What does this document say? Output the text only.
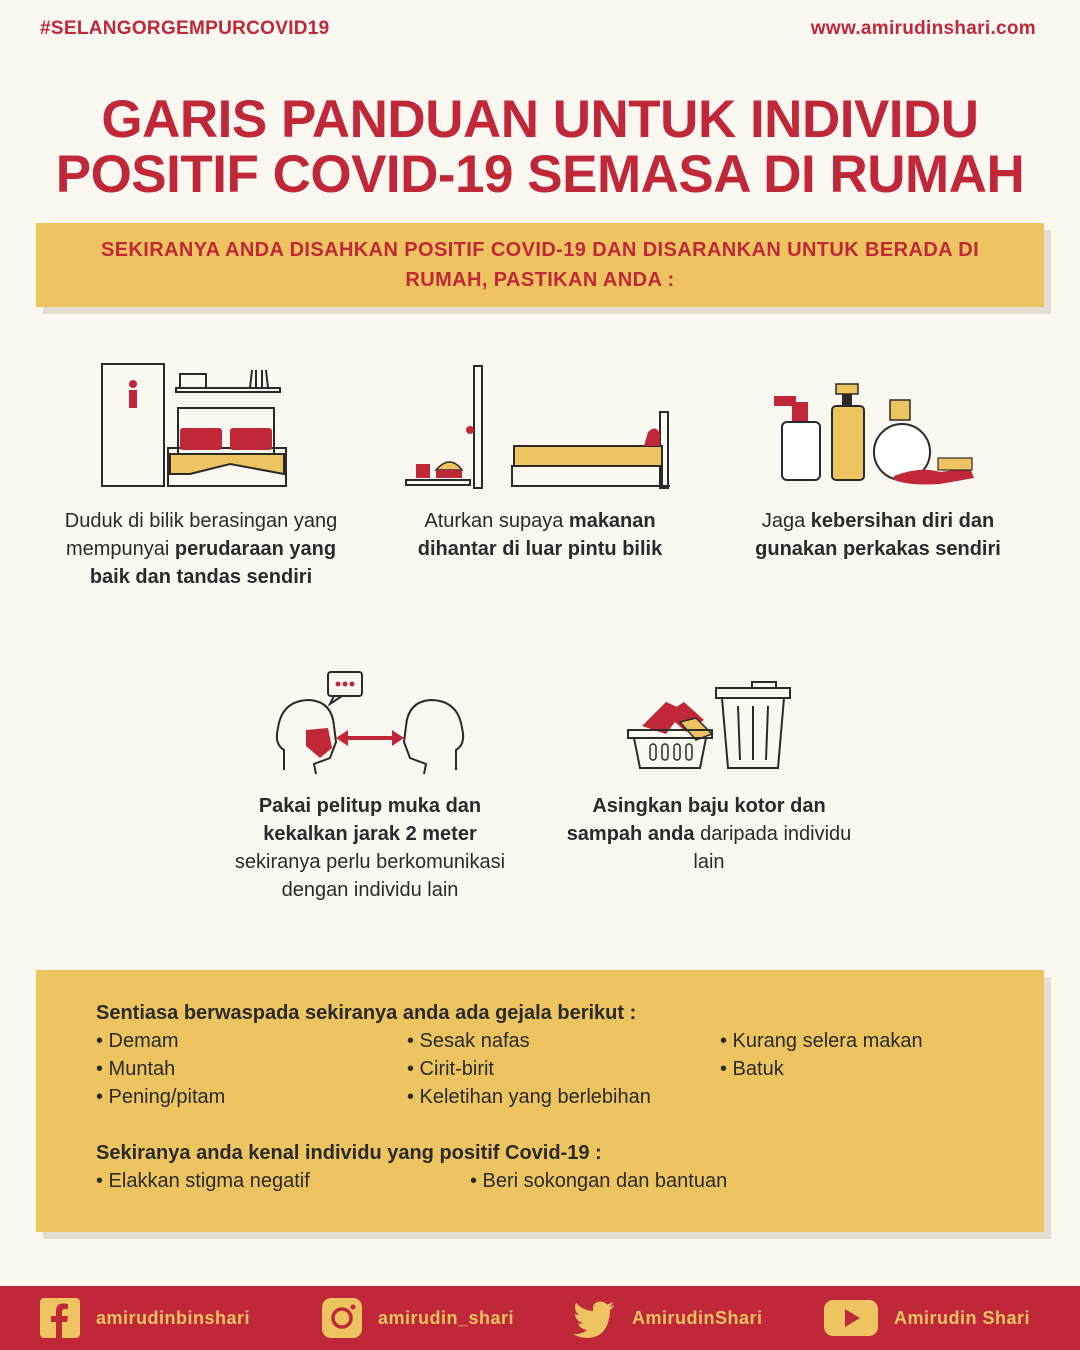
#SELANGORGEMPURCOVID19	www.amirudinshari.com
GARIS PANDUAN UNTUK INDIVIDU
POSITIF COVID-19 SEMASA DI RUMAH
SEKIRANYA ANDA DISAHKAN POSITIF COVID-19 DAN DISARANKAN UNTUK BERADA DI RUMAH, PASTIKAN ANDA :
Duduk di bilik berasingan yang mempunyai perudaraan yang baik dan tandas sendiri
Aturkan supaya makanan dihantar di luar pintu bilik
Jaga kebersihan diri dan gunakan perkakas sendiri
Pakai pelitup muka dan kekalkan jarak 2 meter sekiranya perlu berkomunikasi dengan individu lain
Asingkan baju kotor dan sampah anda daripada individu lain
Sentiasa berwaspada sekiranya anda ada gejala berikut :
• Demam
• Muntah
• Pening/pitam
• Sesak nafas
• Cirit-birit
• Keletihan yang berlebihan
• Kurang selera makan
• Batuk
Sekiranya anda kenal individu yang positif Covid-19 :
• Elakkan stigma negatif	• Beri sokongan dan bantuan
amirudinbinshari	amirudin_shari	AmirudinShari	Amirudin Shari
